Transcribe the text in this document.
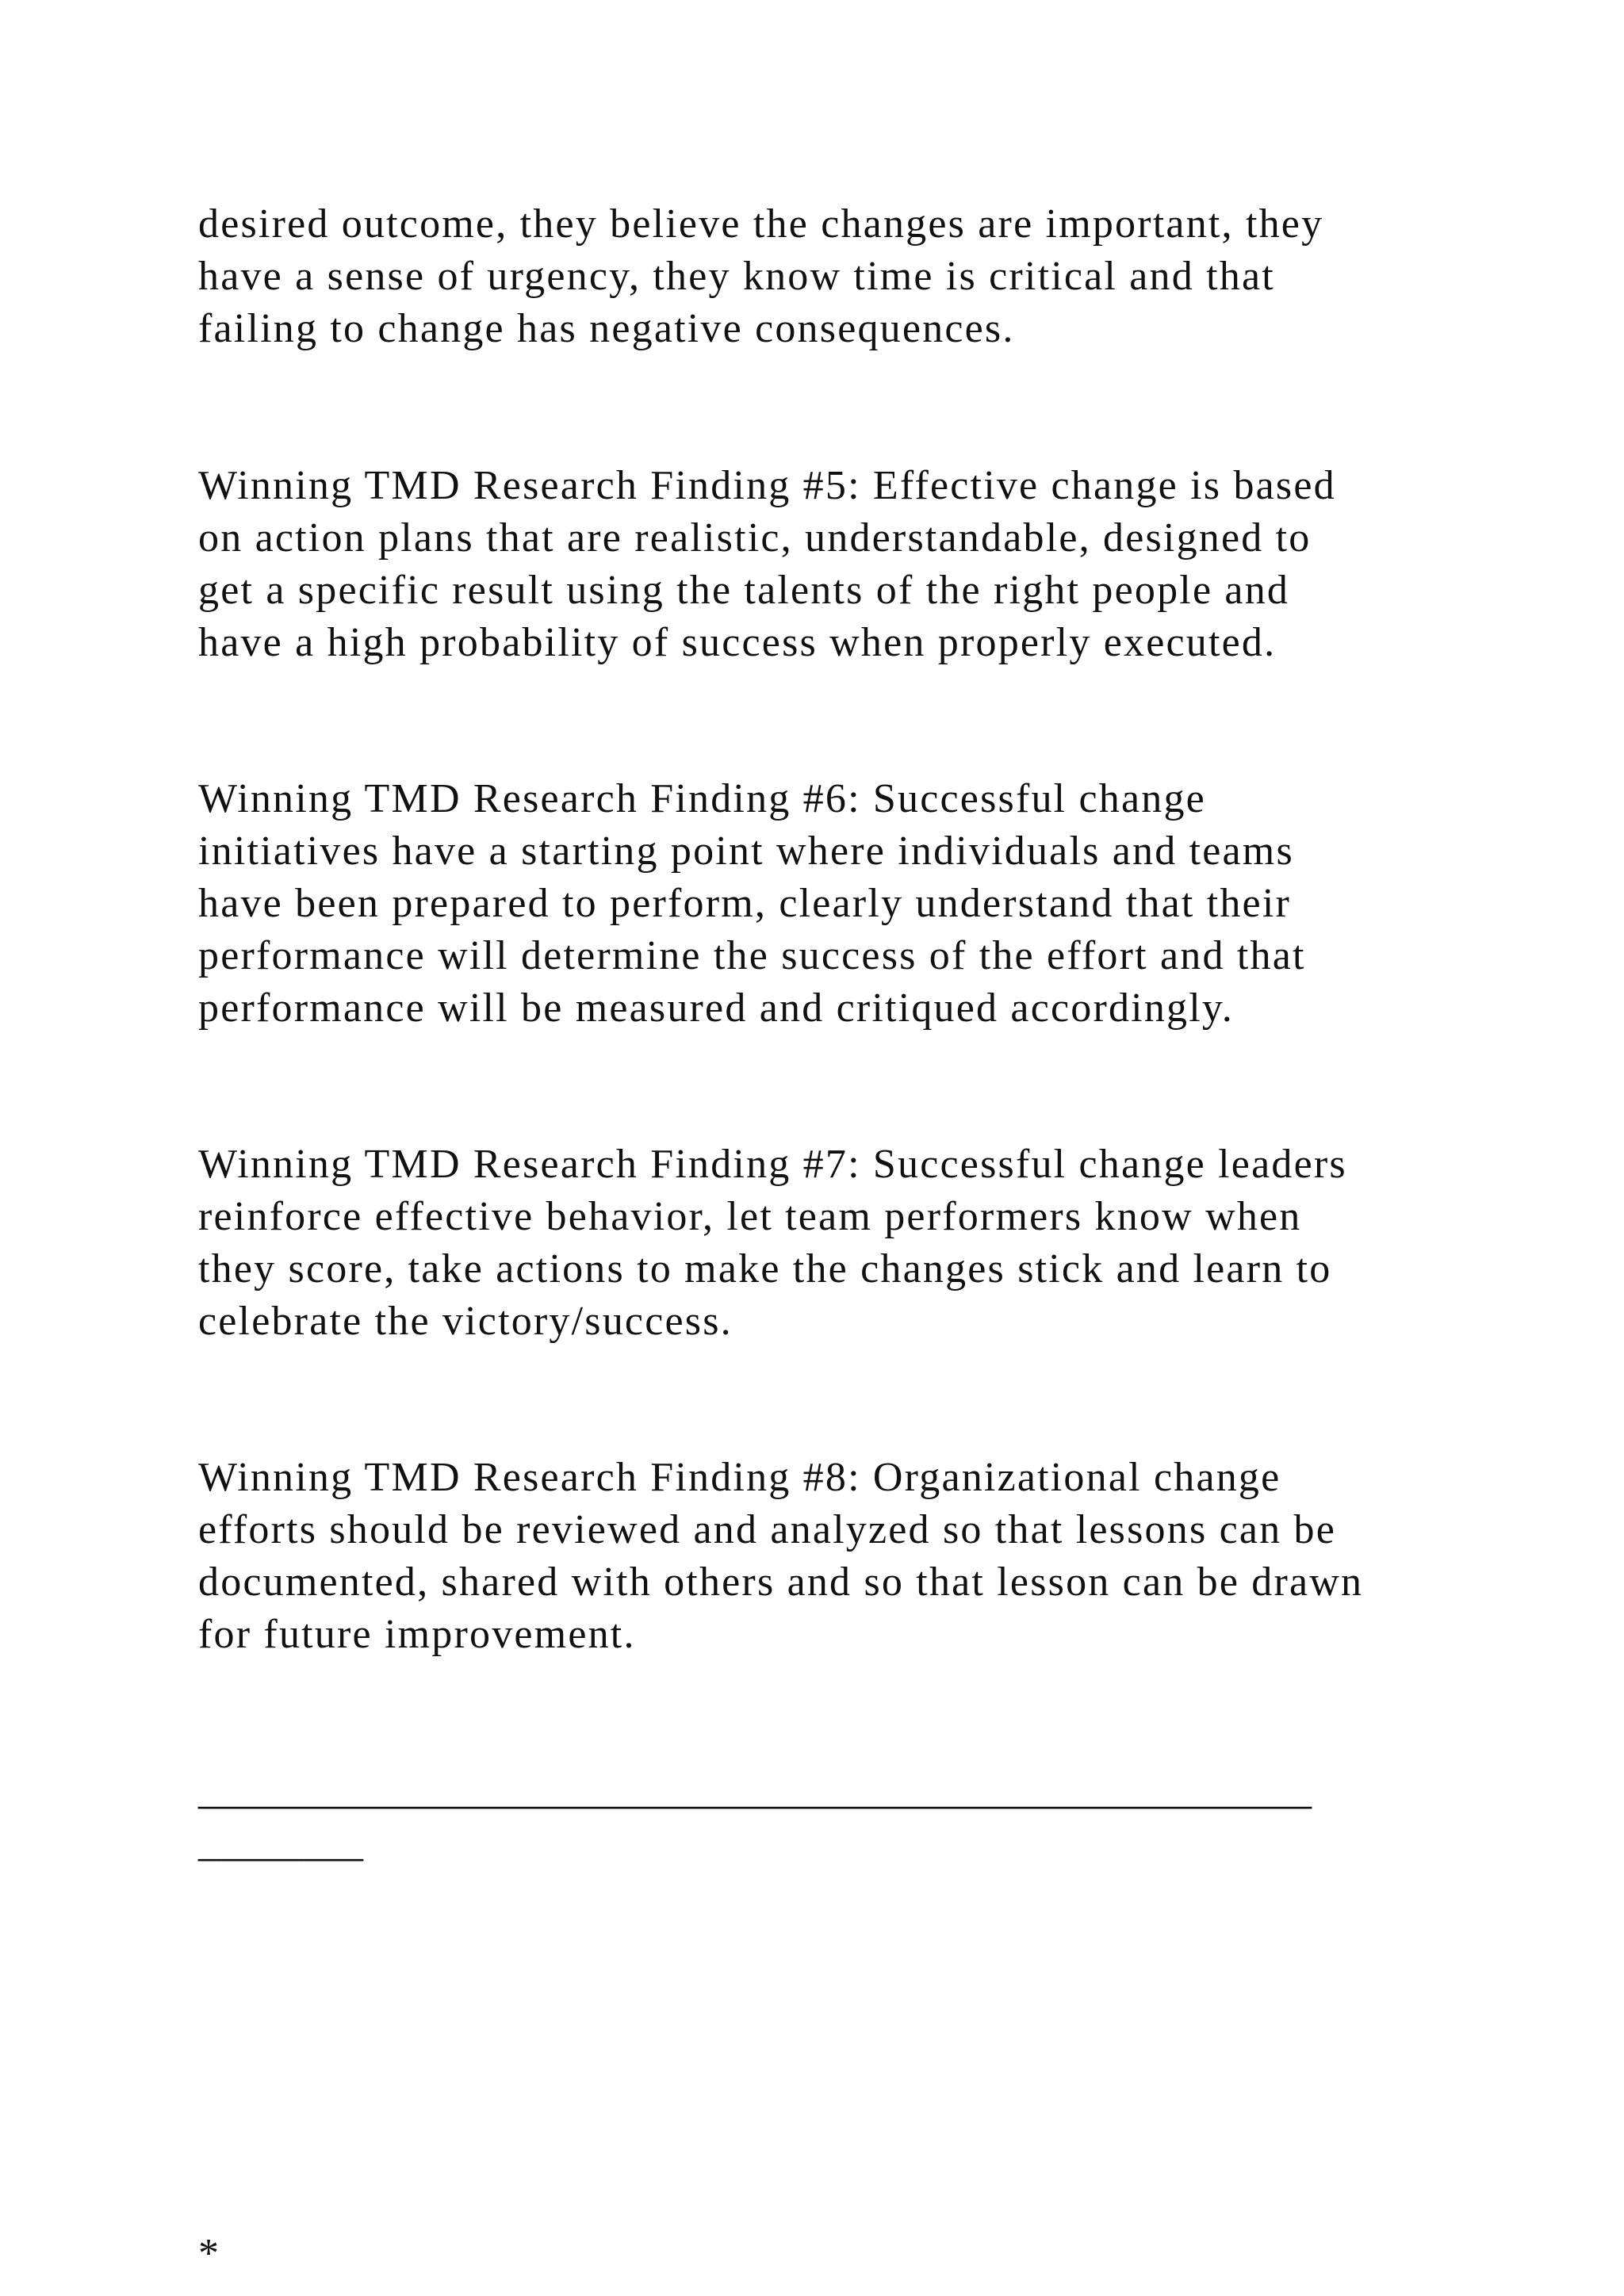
desired outcome, they believe the changes are important, they
have a sense of urgency, they know time is critical and that
failing to change has negative consequences.

Winning TMD Research Finding #5: Effective change is based
on action plans that are realistic, understandable, designed to
get a specific result using the talents of the right people and
have a high probability of success when properly executed.

Winning TMD Research Finding #6: Successful change
initiatives have a starting point where individuals and teams
have been prepared to perform, clearly understand that their
performance will determine the success of the effort and that
performance will be measured and critiqued accordingly.

Winning TMD Research Finding #7: Successful change leaders
reinforce effective behavior, let team performers know when
they score, take actions to make the changes stick and learn to
celebrate the victory/success.

Winning TMD Research Finding #8: Organizational change
efforts should be reviewed and analyzed so that lessons can be
documented, shared with others and so that lesson can be drawn
for future improvement.

______________________________________________________
________

*
